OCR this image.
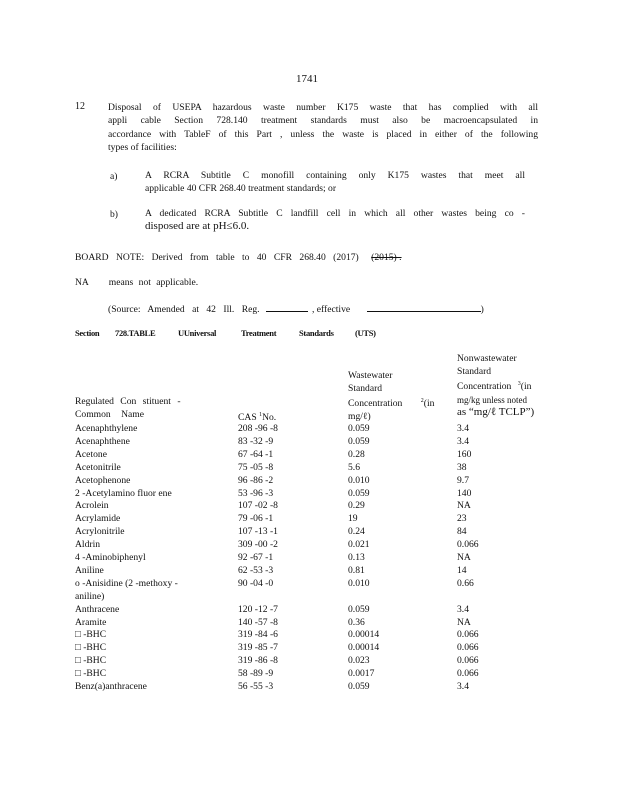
1741
12 Disposal of USEPA hazardous waste number K175 waste that has complied with all
appli cable Section 728.140 treatment standards must also be macroencapsulated in
accordance with TableF of this Part , unless the waste is placed in either of the following
types of facilities:
a)	A RCRA Subtitle C monofill containing only K175 wastes that meet all
applicable 40 CFR 268.40 treatment standards; or
b)	A dedicated RCRA Subtitle C landfill cell in which all other wastes being co -
disposed are at pH≤6.0.
BOARD NOTE: Derived from table to 40 CFR 268.40 (2017) (2015) .
NA means not applicable.
(Source: Amended at 42 Ill. Reg.	, effective	)
Section 728.TABLE	UUniversal	Treatment	Standards	(UTS)
Regulated Con stituent -
Common Name	CAS $^1$No.
Wastewater
Standard
Concentration	$^2$(in
mg/ℓ)
Nonwastewater
Standard
Concentration $^3$(in
mg/kg unless noted
as “mg/ℓ TCLP”)
Acenaphthylene	208 -96 -8	0.059	3.4
Acenaphthene	83 -32 -9	0.059	3.4
Acetone	67 -64 -1	0.28	160
Acetonitrile	75 -05 -8	5.6	38
Acetophenone	96 -86 -2	0.010	9.7
2 -Acetylamino fluor ene	53 -96 -3	0.059	140
Acrolein	107 -02 -8	0.29	NA
Acrylamide	79 -06 -1	19	23
Acrylonitrile	107 -13 -1	0.24	84
Aldrin	309 -00 -2	0.021	0.066
4 -Aminobiphenyl	92 -67 -1	0.13	NA
Aniline	62 -53 -3	0.81	14
o -Anisidine (2 -methoxy -	90 -04 -0	0.010	0.66
aniline)
Anthracene	120 -12 -7	0.059	3.4
Aramite	140 -57 -8	0.36	NA
□ -BHC	319 -84 -6	0.00014	0.066
□ -BHC	319 -85 -7	0.00014	0.066
□ -BHC	319 -86 -8	0.023	0.066
□ -BHC	58 -89 -9	0.0017	0.066
Benz(a)anthracene	56 -55 -3	0.059	3.4
